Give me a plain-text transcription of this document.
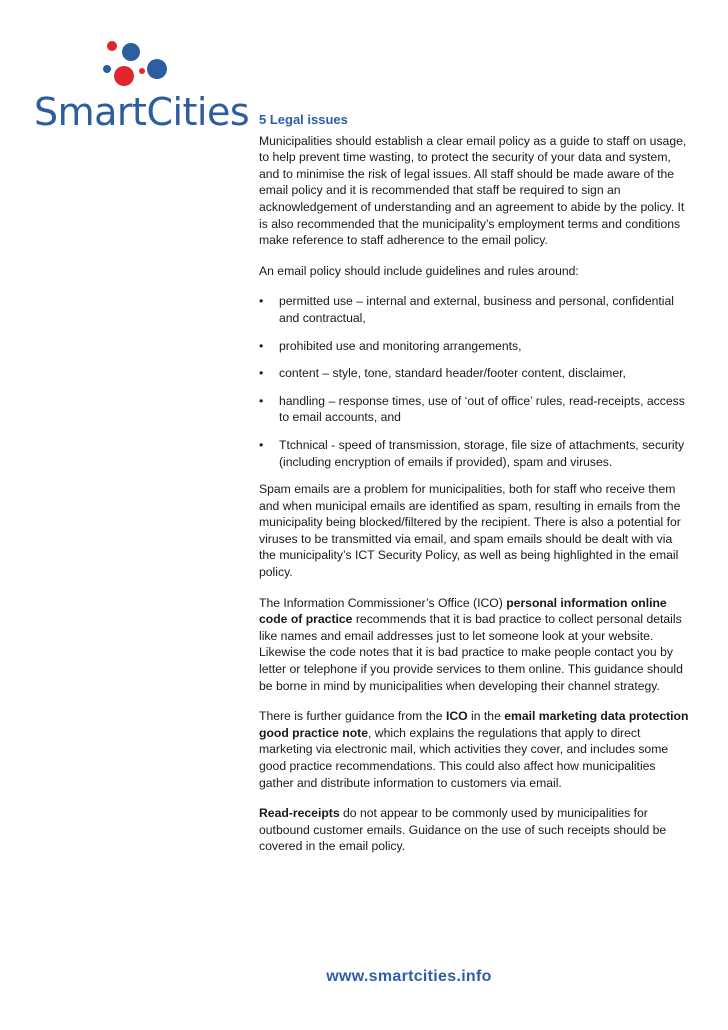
SmartCities 5 Legal issues

Municipalities should establish a clear email policy as a guide to staff on usage, to help prevent time wasting, to protect the security of your data and system, and to minimise the risk of legal issues. All staff should be made aware of the email policy and it is recommended that staff be required to sign an acknowledgement of understanding and an agreement to abide by the policy. It is also recommended that the municipality’s employment terms and conditions make reference to staff adherence to the email policy.

An email policy should include guidelines and rules around:

• permitted use – internal and external, business and personal, confidential and contractual,
• prohibited use and monitoring arrangements,
• content – style, tone, standard header/footer content, disclaimer,
• handling – response times, use of ‘out of office’ rules, read-receipts, access to email accounts, and
• Ttchnical - speed of transmission, storage, file size of attachments, security (including encryption of emails if provided), spam and viruses.

Spam emails are a problem for municipalities, both for staff who receive them and when municipal emails are identified as spam, resulting in emails from the municipality being blocked/filtered by the recipient. There is also a potential for viruses to be transmitted via email, and spam emails should be dealt with via the municipality’s ICT Security Policy, as well as being highlighted in the email policy.

The Information Commissioner’s Office (ICO) personal information online code of practice recommends that it is bad practice to collect personal details like names and email addresses just to let someone look at your website. Likewise the code notes that it is bad practice to make people contact you by letter or telephone if you provide services to them online. This guidance should be borne in mind by municipalities when developing their channel strategy.

There is further guidance from the ICO in the email marketing data protection good practice note, which explains the regulations that apply to direct marketing via electronic mail, which activities they cover, and includes some good practice recommendations. This could also affect how municipalities gather and distribute information to customers via email.

Read-receipts do not appear to be commonly used by municipalities for outbound customer emails. Guidance on the use of such receipts should be covered in the email policy.

www.smartcities.info
